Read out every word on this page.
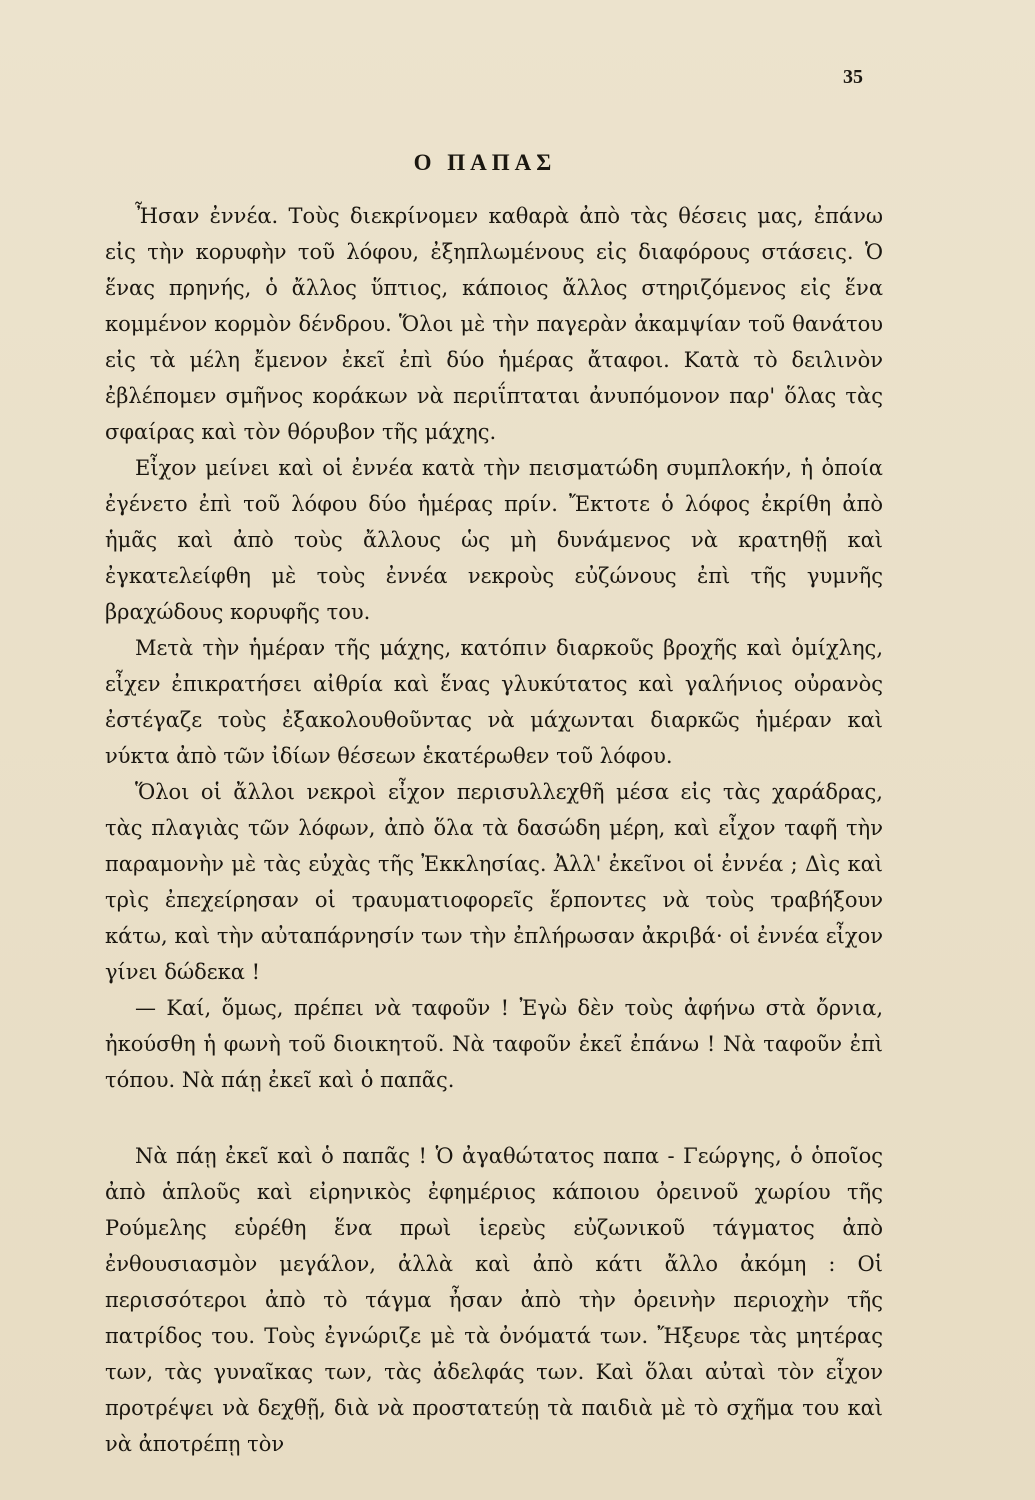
35
Ο ΠΑΠΑΣ

Ἦσαν ἐννέα. Τοὺς διεκρίνομεν καθαρὰ ἀπὸ τὰς θέσεις μας, ἐπάνω εἰς τὴν κορυφὴν τοῦ λόφου, ἐξηπλωμένους εἰς διαφόρους στάσεις. Ὁ ἕνας πρηνής, ὁ ἄλλος ὕπτιος, κάποιος ἄλλος στηριζόμενος εἰς ἕνα κομμένον κορμὸν δένδρου. Ὅλοι μὲ τὴν παγερὰν ἀκαμψίαν τοῦ θανάτου εἰς τὰ μέλη ἔμενον ἐκεῖ ἐπὶ δύο ἡμέρας ἄταφοι. Κατὰ τὸ δειλινὸν ἐβλέπομεν σμῆνος κοράκων νὰ περιΐπταται ἀνυπόμονον παρ' ὅλας τὰς σφαίρας καὶ τὸν θόρυβον τῆς μάχης.

Εἶχον μείνει καὶ οἱ ἐννέα κατὰ τὴν πεισματώδη συμπλοκήν, ἡ ὁποία ἐγένετο ἐπὶ τοῦ λόφου δύο ἡμέρας πρίν. Ἔκτοτε ὁ λόφος ἐκρίθη ἀπὸ ἡμᾶς καὶ ἀπὸ τοὺς ἄλλους ὡς μὴ δυνάμενος νὰ κρατηθῇ καὶ ἐγκατελείφθη μὲ τοὺς ἐννέα νεκροὺς εὐζώνους ἐπὶ τῆς γυμνῆς βραχώδους κορυφῆς του.

Μετὰ τὴν ἡμέραν τῆς μάχης, κατόπιν διαρκοῦς βροχῆς καὶ ὁμίχλης, εἶχεν ἐπικρατήσει αἰθρία καὶ ἕνας γλυκύτατος καὶ γαλήνιος οὐρανὸς ἐστέγαζε τοὺς ἐξακολουθοῦντας νὰ μάχωνται διαρκῶς ἡμέραν καὶ νύκτα ἀπὸ τῶν ἰδίων θέσεων ἑκατέρωθεν τοῦ λόφου.

Ὅλοι οἱ ἄλλοι νεκροὶ εἶχον περισυλλεχθῆ μέσα εἰς τὰς χαράδρας, τὰς πλαγιὰς τῶν λόφων, ἀπὸ ὅλα τὰ δασώδη μέρη, καὶ εἶχον ταφῆ τὴν παραμονὴν μὲ τὰς εὐχὰς τῆς Ἐκκλησίας. Ἀλλ' ἐκεῖνοι οἱ ἐννέα ; Δὶς καὶ τρὶς ἐπεχείρησαν οἱ τραυματιοφορεῖς ἕρποντες νὰ τοὺς τραβήξουν κάτω, καὶ τὴν αὐταπάρνησίν των τὴν ἐπλήρωσαν ἀκριβά· οἱ ἐννέα εἶχον γίνει δώδεκα !

— Καί, ὅμως, πρέπει νὰ ταφοῦν ! Ἐγὼ δὲν τοὺς ἀφήνω στὰ ὄρνια, ἠκούσθη ἡ φωνὴ τοῦ διοικητοῦ. Νὰ ταφοῦν ἐκεῖ ἐπάνω ! Νὰ ταφοῦν ἐπὶ τόπου. Νὰ πάῃ ἐκεῖ καὶ ὁ παπᾶς.

Νὰ πάῃ ἐκεῖ καὶ ὁ παπᾶς ! Ὁ ἀγαθώτατος παπα - Γεώργης, ὁ ὁποῖος ἀπὸ ἁπλοῦς καὶ εἰρηνικὸς ἐφημέριος κάποιου ὀρεινοῦ χωρίου τῆς Ρούμελης εὑρέθη ἕνα πρωὶ ἱερεὺς εὐζωνικοῦ τάγματος ἀπὸ ἐνθουσιασμὸν μεγάλον, ἀλλὰ καὶ ἀπὸ κάτι ἄλλο ἀκόμη : Οἱ περισσότεροι ἀπὸ τὸ τάγμα ἦσαν ἀπὸ τὴν ὀρεινὴν περιοχὴν τῆς πατρίδος του. Τοὺς ἐγνώριζε μὲ τὰ ὀνόματά των. Ἤξευρε τὰς μητέρας των, τὰς γυναῖκας των, τὰς ἀδελφάς των. Καὶ ὅλαι αὐταὶ τὸν εἶχον προτρέψει νὰ δεχθῇ, διὰ νὰ προστατεύῃ τὰ παιδιὰ μὲ τὸ σχῆμα του καὶ νὰ ἀποτρέπῃ τὸν
